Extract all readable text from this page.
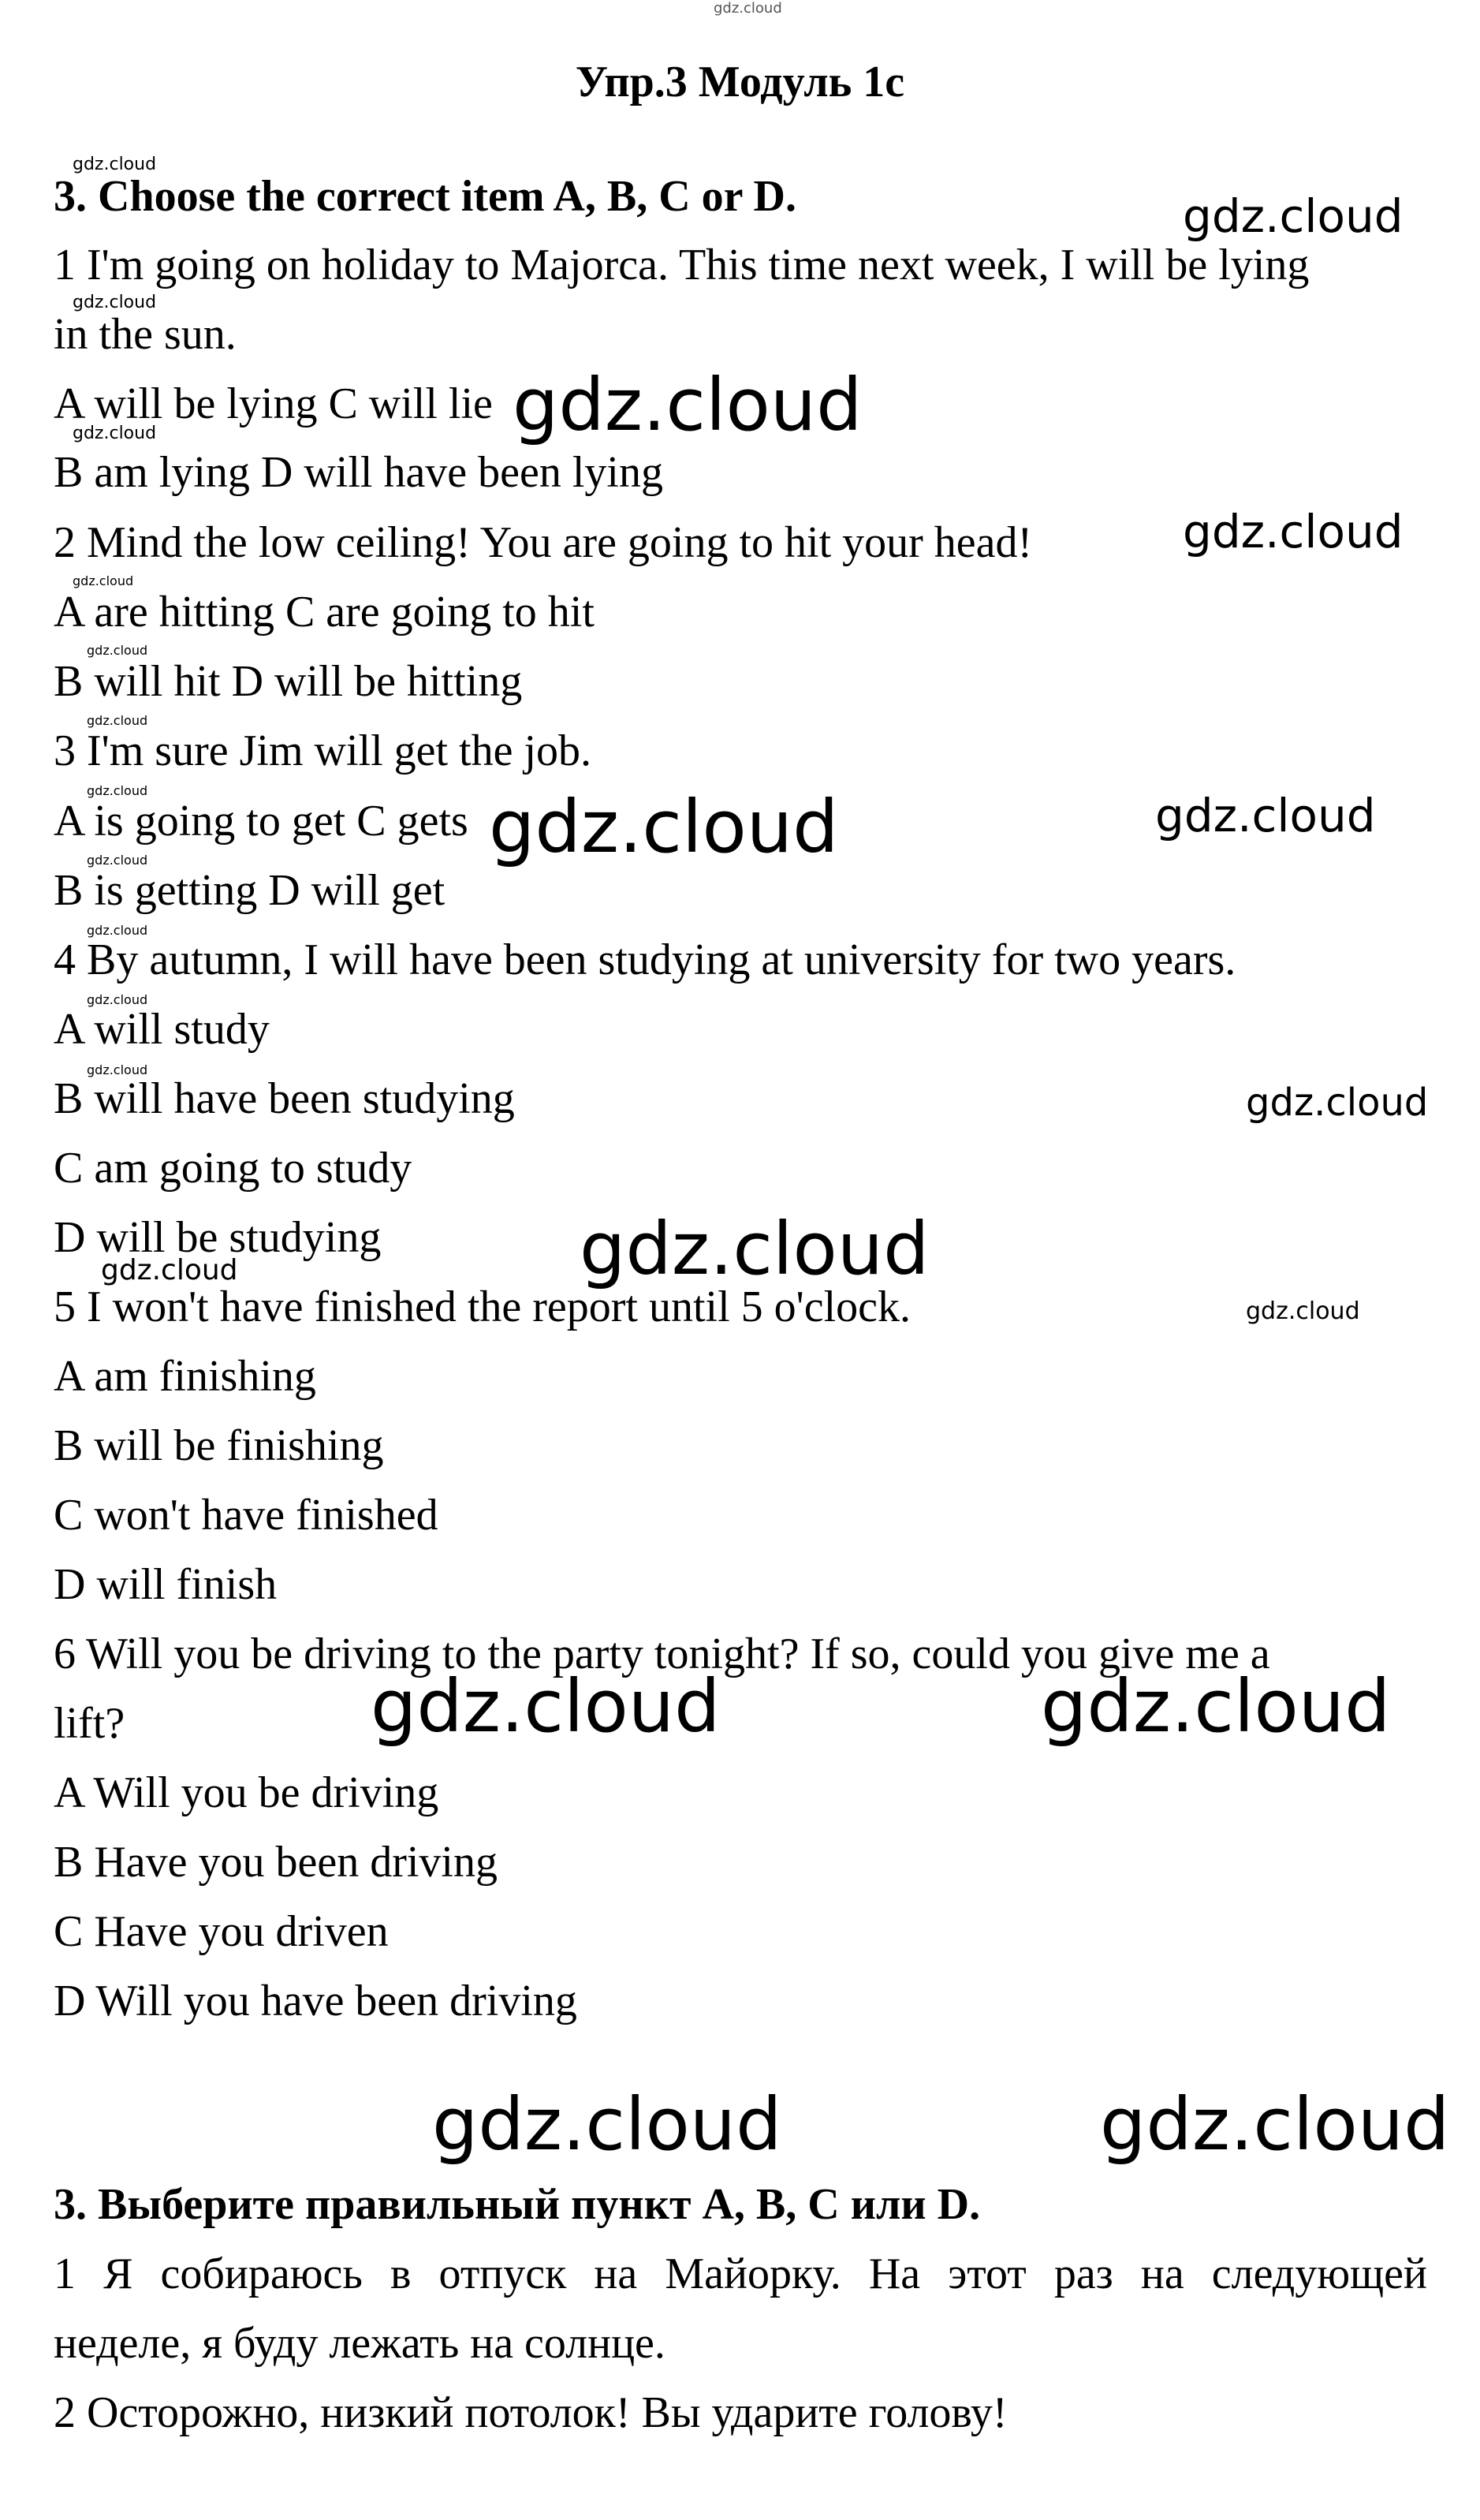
gdz.cloud
Упр.3 Модуль 1с
3. Choose the correct item A, B, C or D.
1 I'm going on holiday to Majorca. This time next week, I will be lying
in the sun.
A will be lying C will lie
B am lying D will have been lying
2 Mind the low ceiling! You are going to hit your head!
A are hitting C are going to hit
B will hit D will be hitting
3 I'm sure Jim will get the job.
A is going to get C gets
B is getting D will get
4 By autumn, I will have been studying at university for two years.
A will study
B will have been studying
C am going to study
D will be studying
5 I won't have finished the report until 5 o'clock.
A am finishing
B will be finishing
C won't have finished
D will finish
6 Will you be driving to the party tonight? If so, could you give me a
lift?
A Will you be driving
B Have you been driving
C Have you driven
D Will you have been driving
3. Выберите правильный пункт A, B, C или D.
1 Я собираюсь в отпуск на Майорку. На этот раз на следующей
неделе, я буду лежать на солнце.
2 Осторожно, низкий потолок! Вы ударите голову!
gdz.cloud
gdz.cloud
gdz.cloud
gdz.cloud
gdz.cloud
gdz.cloud
gdz.cloud
gdz.cloud
gdz.cloud
gdz.cloud
gdz.cloud
gdz.cloud
gdz.cloud
gdz.cloud
gdz.cloud
gdz.cloud	gdz.cloud
gdz.cloud
gdz.cloud
gdz.cloud
gdz.cloud	gdz.cloud
gdz.cloud	gdz.cloud
